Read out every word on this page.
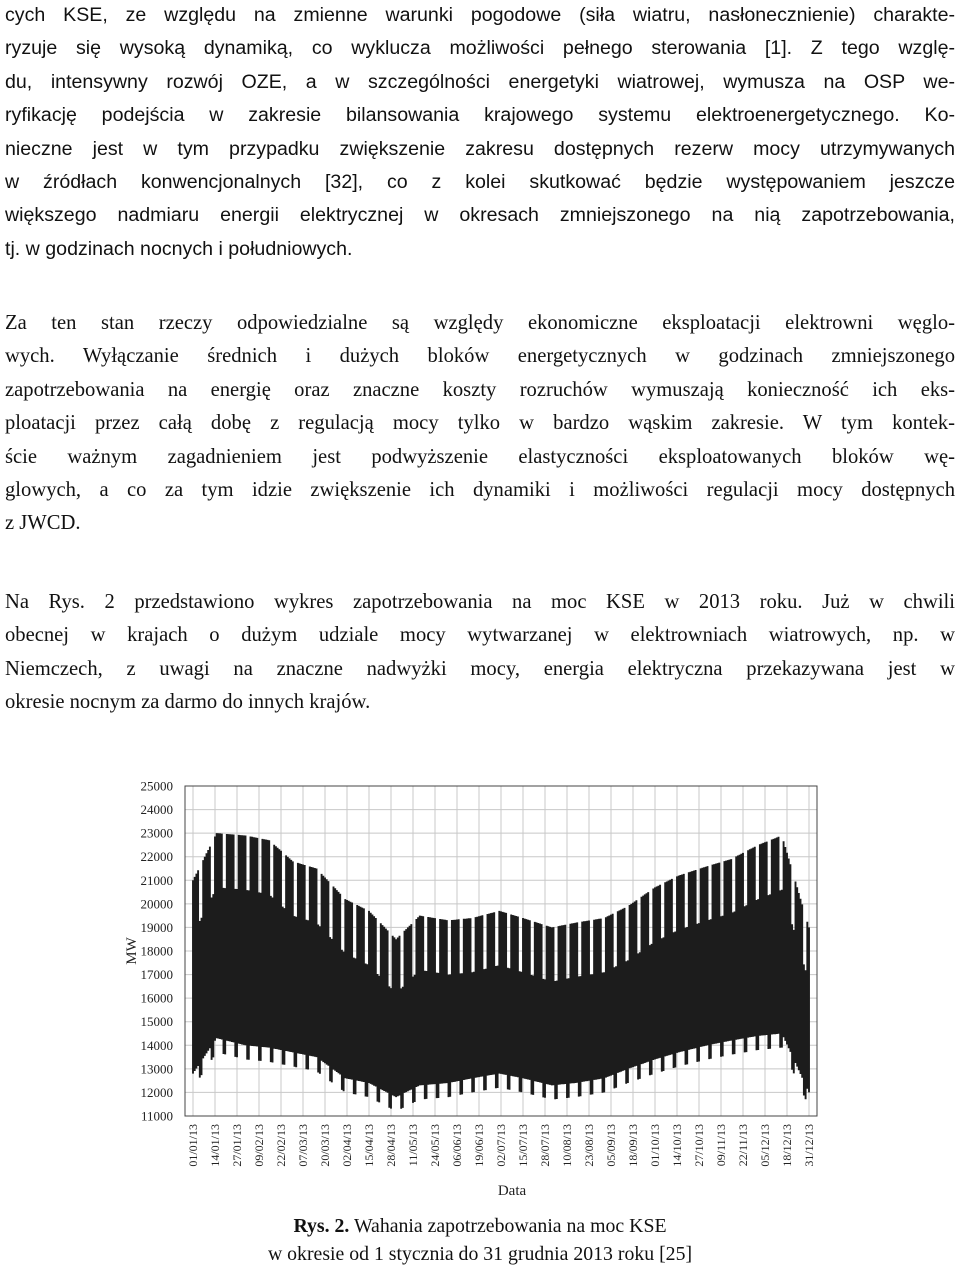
cych KSE, ze względu na zmienne warunki pogodowe (siła wiatru, nasłonecznienie) charakte-
ryzuje się wysoką dynamiką, co wyklucza możliwości pełnego sterowania [1]. Z tego wzglę-
du, intensywny rozwój OZE, a w szczególności energetyki wiatrowej, wymusza na OSP we-
ryfikację podejścia w zakresie bilansowania krajowego systemu elektroenergetycznego. Ko-
nieczne jest w tym przypadku zwiększenie zakresu dostępnych rezerw mocy utrzymywanych
w źródłach konwencjonalnych [32], co z kolei skutkować będzie występowaniem jeszcze
większego nadmiaru energii elektrycznej w okresach zmniejszonego na nią zapotrzebowania,
tj. w godzinach nocnych i południowych.

Za ten stan rzeczy odpowiedzialne są względy ekonomiczne eksploatacji elektrowni węglo-
wych. Wyłączanie średnich i dużych bloków energetycznych w godzinach zmniejszonego
zapotrzebowania na energię oraz znaczne koszty rozruchów wymuszają konieczność ich eks-
ploatacji przez całą dobę z regulacją mocy tylko w bardzo wąskim zakresie. W tym kontek-
ście ważnym zagadnieniem jest podwyższenie elastyczności eksploatowanych bloków wę-
glowych, a co za tym idzie zwiększenie ich dynamiki i możliwości regulacji mocy dostępnych
z JWCD.

Na Rys. 2 przedstawiono wykres zapotrzebowania na moc KSE w 2013 roku. Już w chwili
obecnej w krajach o dużym udziale mocy wytwarzanej w elektrowniach wiatrowych, np. w
Niemczech, z uwagi na znaczne nadwyżki mocy, energia elektryczna przekazywana jest w
okresie nocnym za darmo do innych krajów.

25000
24000
23000
22000
21000
20000
19000
18000
17000
16000
15000
14000
13000
12000
11000
01/01/13 14/01/13 27/01/13 09/02/13 22/02/13 07/03/13 20/03/13 02/04/13 15/04/13 28/04/13 11/05/13 24/05/13 06/06/13 19/06/13 02/07/13 15/07/13 28/07/13 10/08/13 23/08/13 05/09/13 18/09/13 01/10/13 14/10/13 27/10/13 09/11/13 22/11/13 05/12/13 18/12/13 31/12/13
MW
Data
Rys. 2. Wahania zapotrzebowania na moc KSE
w okresie od 1 stycznia do 31 grudnia 2013 roku [25]
